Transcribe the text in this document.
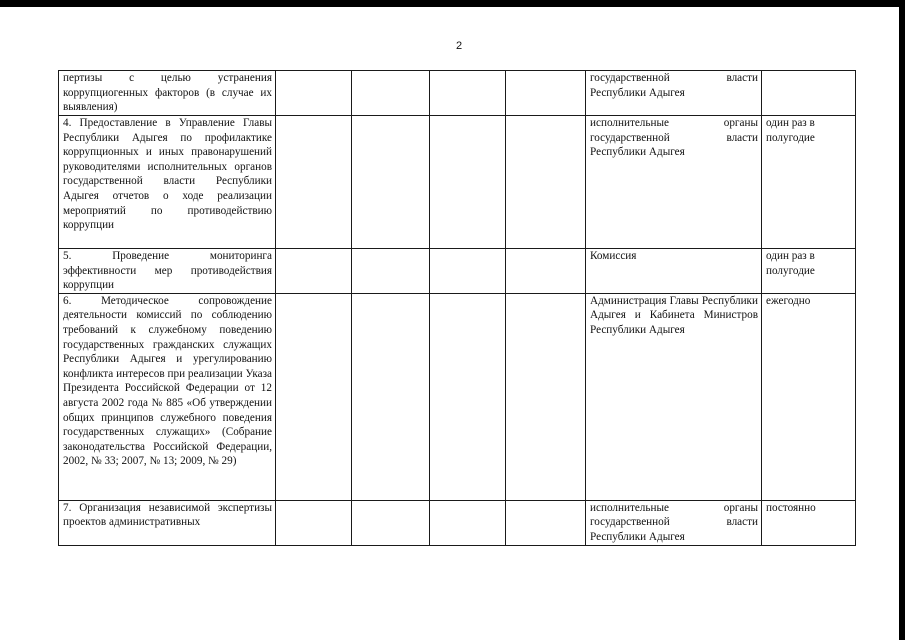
2
пертизы с целью устранения коррупциогенных факторов (в случае их выявления)					государственной власти Республики Адыгея	
4. Предоставление в Управление Главы Республики Адыгея по профилактике коррупционных и иных правонарушений руководителями исполнительных органов государственной власти Республики Адыгея отчетов о ходе реализации мероприятий по противодействию коррупции					исполнительные органы государственной власти Республики Адыгея	один раз в полугодие
5. Проведение мониторинга эффективности мер противодействия коррупции					Комиссия	один раз в полугодие
6. Методическое сопровождение деятельности комиссий по соблюдению требований к служебному поведению государственных гражданских служащих Республики Адыгея и урегулированию конфликта интересов при реализации Указа Президента Российской Федерации от 12 августа 2002 года № 885 «Об утверждении общих принципов служебного поведения государственных служащих» (Собрание законодательства Российской Федерации, 2002, № 33; 2007, № 13; 2009, № 29)					Администрация Главы Республики Адыгея и Кабинета Министров Республики Адыгея	ежегодно
7. Организация независимой экспертизы проектов административных					исполнительные органы государственной власти Республики Адыгея	постоянно
